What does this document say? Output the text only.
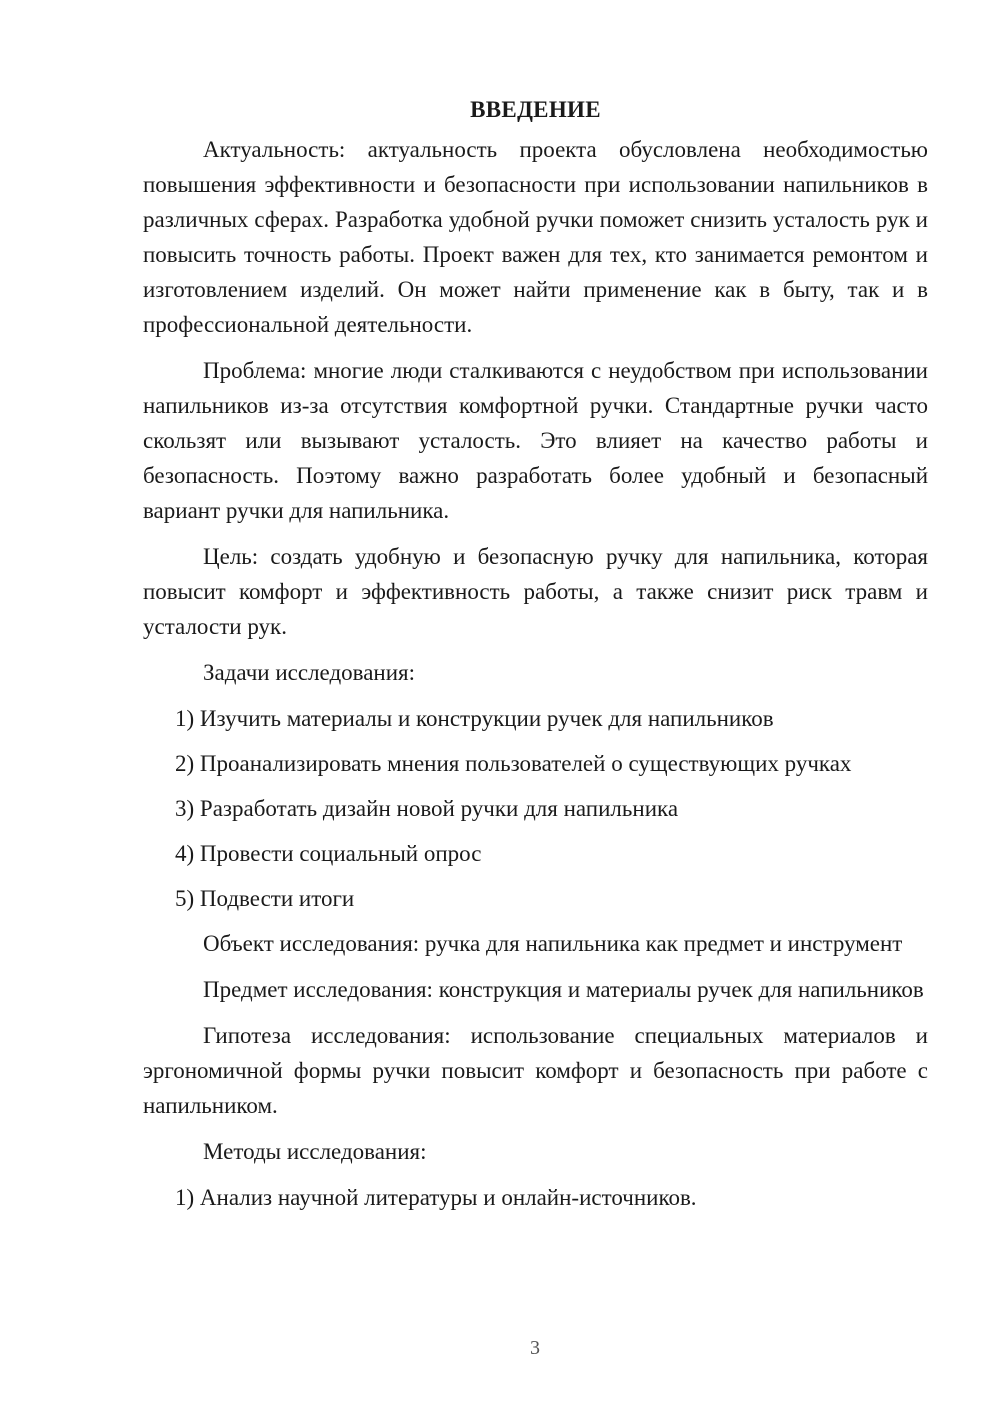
ВВЕДЕНИЕ

Актуальность: актуальность проекта обусловлена необходимостью повышения эффективности и безопасности при использовании напильников в различных сферах. Разработка удобной ручки поможет снизить усталость рук и повысить точность работы. Проект важен для тех, кто занимается ремонтом и изготовлением изделий. Он может найти применение как в быту, так и в профессиональной деятельности.

Проблема: многие люди сталкиваются с неудобством при использовании напильников из-за отсутствия комфортной ручки. Стандартные ручки часто скользят или вызывают усталость. Это влияет на качество работы и безопасность. Поэтому важно разработать более удобный и безопасный вариант ручки для напильника.

Цель: создать удобную и безопасную ручку для напильника, которая повысит комфорт и эффективность работы, а также снизит риск травм и усталости рук.

Задачи исследования:

1) Изучить материалы и конструкции ручек для напильников
2) Проанализировать мнения пользователей о существующих ручках
3) Разработать дизайн новой ручки для напильника
4) Провести социальный опрос
5) Подвести итоги

Объект исследования: ручка для напильника как предмет и инструмент

Предмет исследования: конструкция и материалы ручек для напильников

Гипотеза исследования: использование специальных материалов и эргономичной формы ручки повысит комфорт и безопасность при работе с напильником.

Методы исследования:

1) Анализ научной литературы и онлайн-источников.
3
